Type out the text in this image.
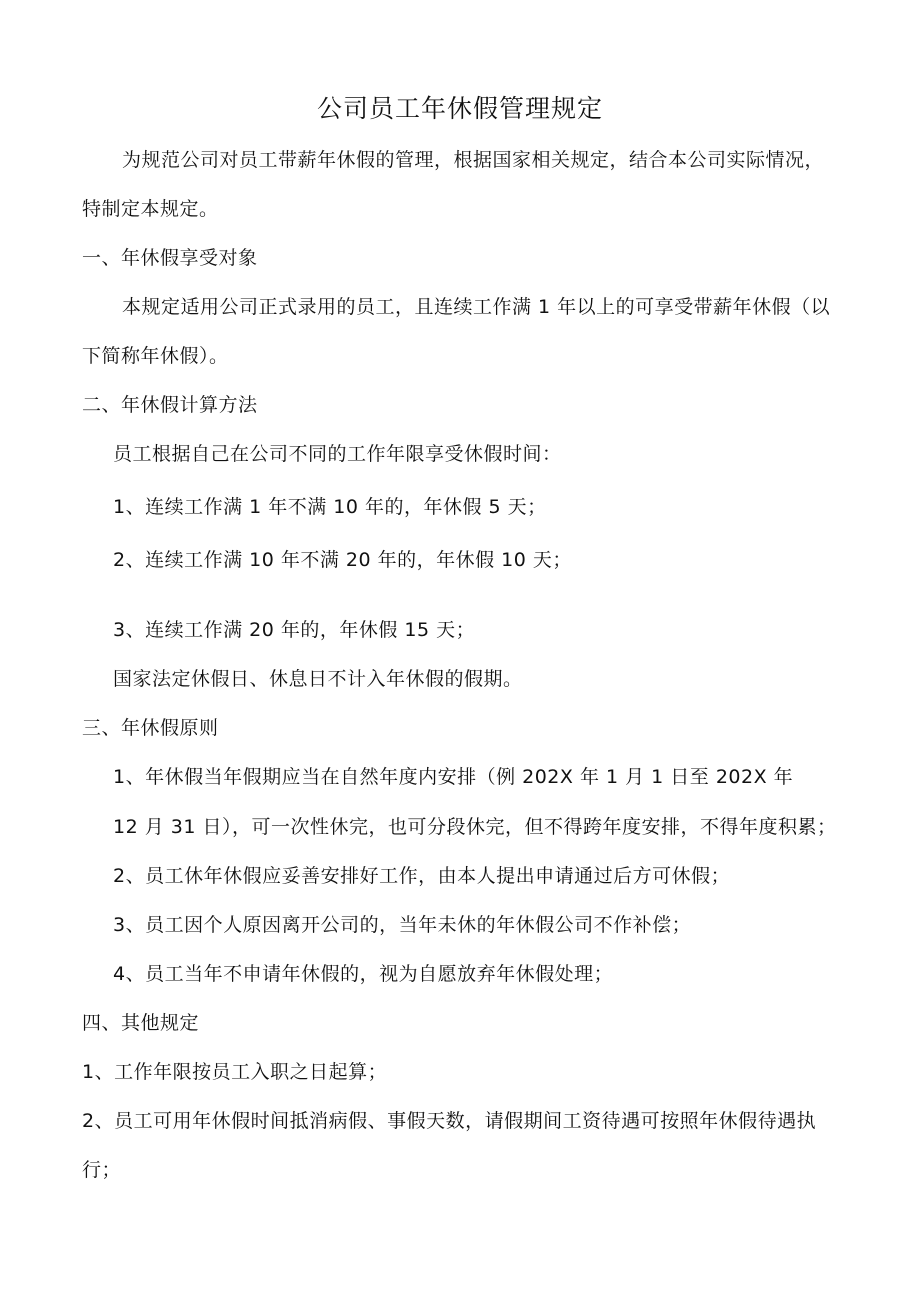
公司员工年休假管理规定
为规范公司对员工带薪年休假的管理，根据国家相关规定，结合本公司实际情况，
特制定本规定。
一、年休假享受对象
本规定适用公司正式录用的员工，且连续工作满 1 年以上的可享受带薪年休假（以
下简称年休假）。
二、年休假计算方法
员工根据自己在公司不同的工作年限享受休假时间：
1、连续工作满 1 年不满 10 年的，年休假 5 天；
2、连续工作满 10 年不满 20 年的，年休假 10 天；
3、连续工作满 20 年的，年休假 15 天；
国家法定休假日、休息日不计入年休假的假期。
三、年休假原则
1、年休假当年假期应当在自然年度内安排（例 202X 年 1 月 1 日至 202X 年
12 月 31 日），可一次性休完，也可分段休完，但不得跨年度安排，不得年度积累；
2、员工休年休假应妥善安排好工作，由本人提出申请通过后方可休假；
3、员工因个人原因离开公司的，当年未休的年休假公司不作补偿；
4、员工当年不申请年休假的，视为自愿放弃年休假处理；
四、其他规定
1、工作年限按员工入职之日起算；
2、员工可用年休假时间抵消病假、事假天数，请假期间工资待遇可按照年休假待遇执
行；
